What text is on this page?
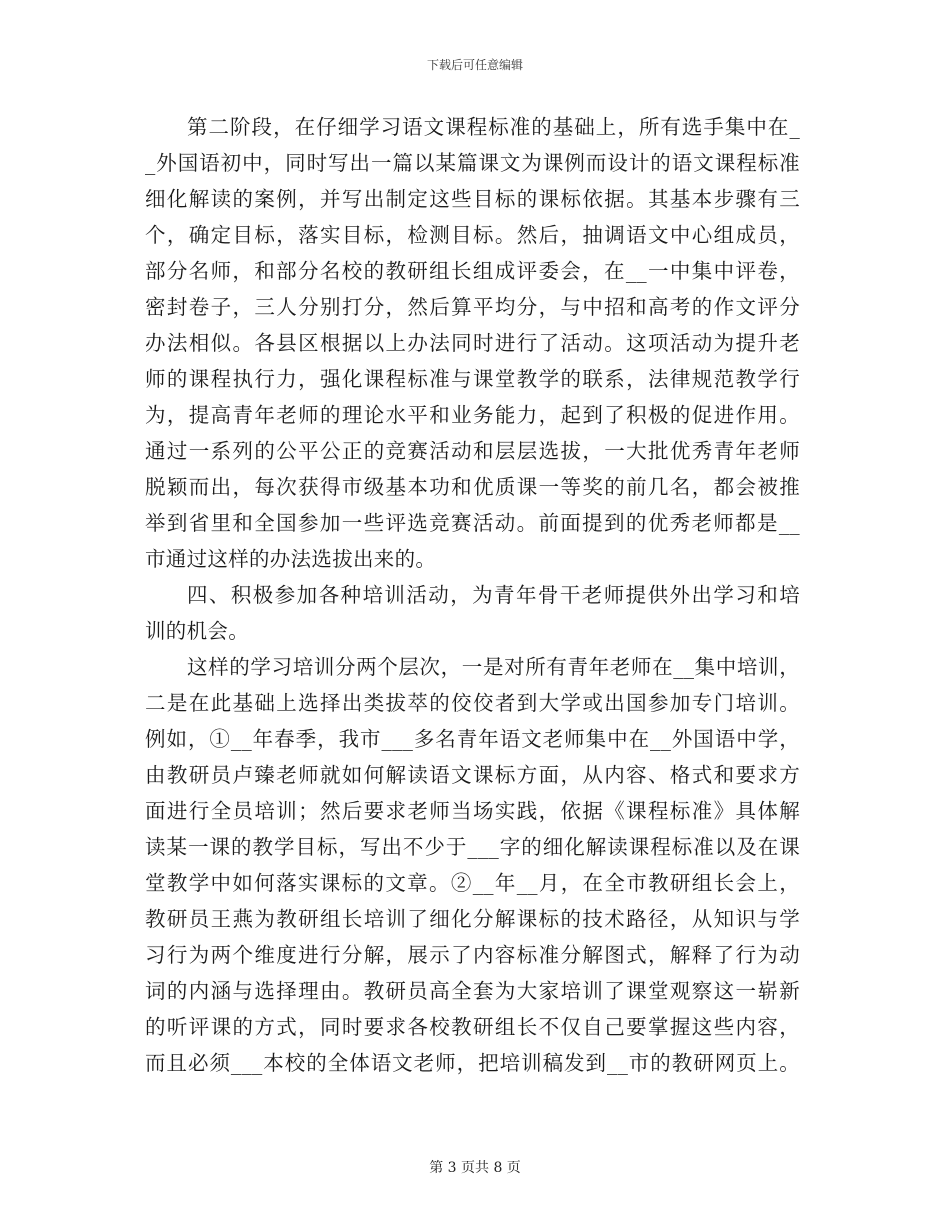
下载后可任意编辑
第二阶段，在仔细学习语文课程标准的基础上，所有选手集中在_
_外国语初中，同时写出一篇以某篇课文为课例而设计的语文课程标准
细化解读的案例，并写出制定这些目标的课标依据。其基本步骤有三
个，确定目标，落实目标，检测目标。然后，抽调语文中心组成员，
部分名师，和部分名校的教研组长组成评委会，在__一中集中评卷，
密封卷子，三人分别打分，然后算平均分，与中招和高考的作文评分
办法相似。各县区根据以上办法同时进行了活动。这项活动为提升老
师的课程执行力，强化课程标准与课堂教学的联系，法律规范教学行
为，提高青年老师的理论水平和业务能力，起到了积极的促进作用。
通过一系列的公平公正的竞赛活动和层层选拔，一大批优秀青年老师
脱颖而出，每次获得市级基本功和优质课一等奖的前几名，都会被推
举到省里和全国参加一些评选竞赛活动。前面提到的优秀老师都是__
市通过这样的办法选拔出来的。
四、积极参加各种培训活动，为青年骨干老师提供外出学习和培
训的机会。
这样的学习培训分两个层次，一是对所有青年老师在__集中培训，
二是在此基础上选择出类拔萃的佼佼者到大学或出国参加专门培训。
例如，①__年春季，我市___多名青年语文老师集中在__外国语中学，
由教研员卢臻老师就如何解读语文课标方面，从内容、格式和要求方
面进行全员培训；然后要求老师当场实践，依据《课程标准》具体解
读某一课的教学目标，写出不少于___字的细化解读课程标准以及在课
堂教学中如何落实课标的文章。②__年__月，在全市教研组长会上，
教研员王燕为教研组长培训了细化分解课标的技术路径，从知识与学
习行为两个维度进行分解，展示了内容标准分解图式，解释了行为动
词的内涵与选择理由。教研员高全套为大家培训了课堂观察这一崭新
的听评课的方式，同时要求各校教研组长不仅自己要掌握这些内容，
而且必须___本校的全体语文老师，把培训稿发到__市的教研网页上。
第 3 页共 8 页
